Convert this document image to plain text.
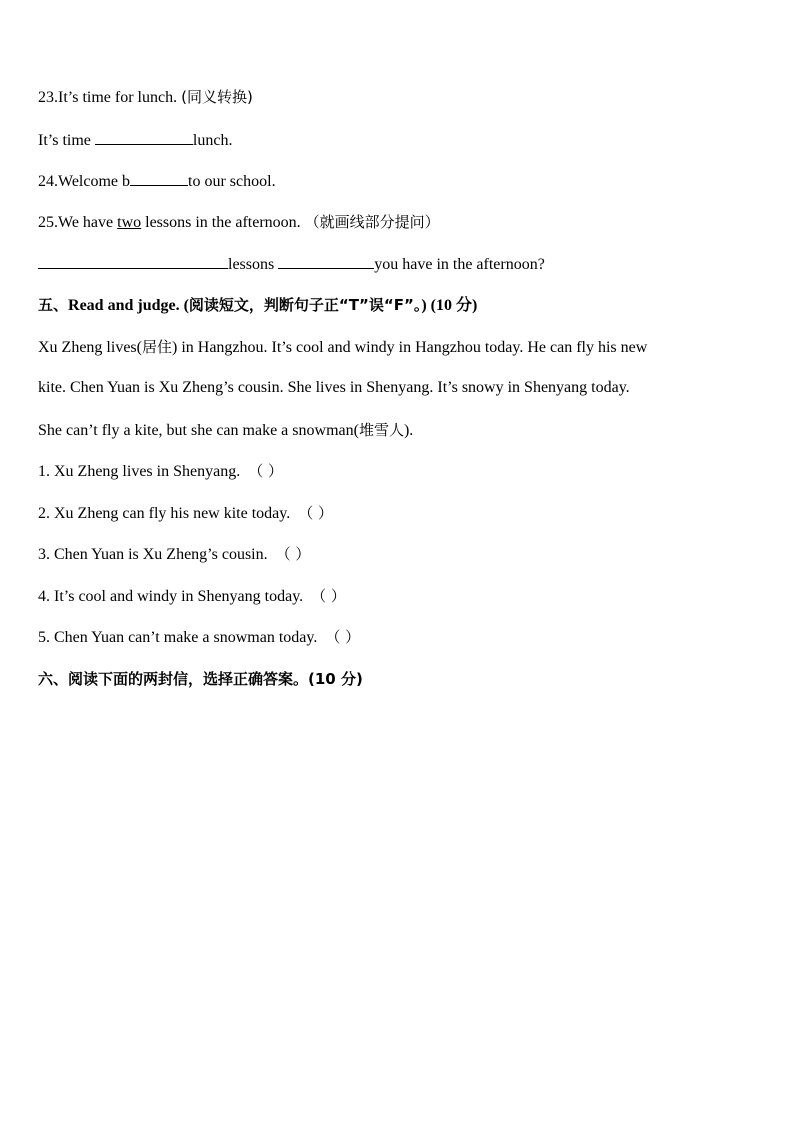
23.It’s time for lunch. (同义转换)
It’s time	lunch.
24.Welcome b	to our school.
25.We have two lessons in the afternoon. （就画线部分提问）
lessons	you have in the afternoon?
五、Read and judge. (阅读短文，判断句子正“T”误“F”。) (10 分)
Xu Zheng lives(居住) in Hangzhou. It’s cool and windy in Hangzhou today. He can fly his new
kite. Chen Yuan is Xu Zheng’s cousin. She lives in Shenyang. It’s snowy in Shenyang today.
She can’t fly a kite, but she can make a snowman(堆雪人).
1. Xu Zheng lives in Shenyang. （ ）
2. Xu Zheng can fly his new kite today. （ ）
3. Chen Yuan is Xu Zheng’s cousin. （ ）
4. It’s cool and windy in Shenyang today. （ ）
5. Chen Yuan can’t make a snowman today. （ ）
六、阅读下面的两封信，选择正确答案。(10 分)
